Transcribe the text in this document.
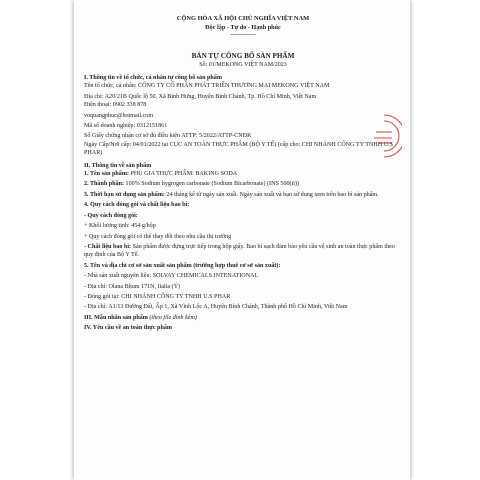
CỘNG HÒA XÃ HỘI CHỦ NGHĨA VIỆT NAM

Độc lập - Tự do - Hạnh phúc

---------------

BẢN TỰ CÔNG BỐ SẢN PHẨM

Số: 01/MEKONG VIỆT NAM/2023

I. Thông tin về tổ chức, cá nhân tự công bố sản phẩm

Tên tổ chức, cá nhân: CÔNG TY CỔ PHẦN PHÁT TRIỂN THƯƠNG MẠI MEKONG VIỆT NAM

Địa chỉ: A20/21B Quốc lộ 50, Xã Bình Hưng, Huyện Bình Chánh, Tp. Hồ Chí Minh, Việt Nam

Điện thoại: 0902 338 878

voquangphuc@hotmail.com

Mã số doanh nghiệp: 0312151861

Số Giấy chứng nhận cơ sở đủ điều kiện ATTP: 5/2022/ATTP-CNĐK

Ngày Cấp/Nơi cấp: 04/01/2022 tại CỤC AN TOÀN THỰC PHẨM (BỘ Y TẾ) (cấp cho: CHI NHÁNH CÔNG TY TNHH U.S PHAR)

II. Thông tin về sản phẩm

1. Tên sản phẩm: PHỤ GIA THỰC PHẨM: BAKING SODA

2. Thành phần: 100% Sodium hygrogen carbonate (Sodium Bicarbonate) (INS 500(ii))

3. Thời hạn sử dụng sản phẩm: 24 tháng kể từ ngày sản xuất. Ngày sản xuất và hạn sử dụng xem trên bao bì sản phẩm.

4. Quy cách đóng gói và chất liệu bao bì:

- Quy cách đóng gói:

+ Khối lượng tịnh: 454 g/hộp

+ Quy cách đóng gói có thể thay đổi theo nhu cầu thị trường

- Chất liệu bao bì: Sản phẩm được đựng trực tiếp trong hộp giấy. Bao bì sạch đảm bảo yêu cầu vệ sinh an toàn thực phẩm theo quy định của Bộ Y Tế.

5. Tên và địa chỉ cơ sở sản xuất sản phẩm (trường hợp thuê cơ sở sản xuất):

- Nhà sản xuất nguyên liệu: SOLVAY CHEMICALS INTENATIONAL

- Địa chỉ: Olana Bhum 171N, Italia (Ý)

- Đóng gói tại: CHI NHÁNH CÔNG TY TNHH U.S PHAR

- Địa chỉ: A1/13 Đường Đất, Ấp 1, Xã Vĩnh Lộc A, Huyện Bình Chánh, Thành phố Hồ Chí Minh, Việt Nam

III. Mẫu nhãn sản phẩm (theo file đính kèm)

IV. Yêu cầu về an toàn thực phẩm
